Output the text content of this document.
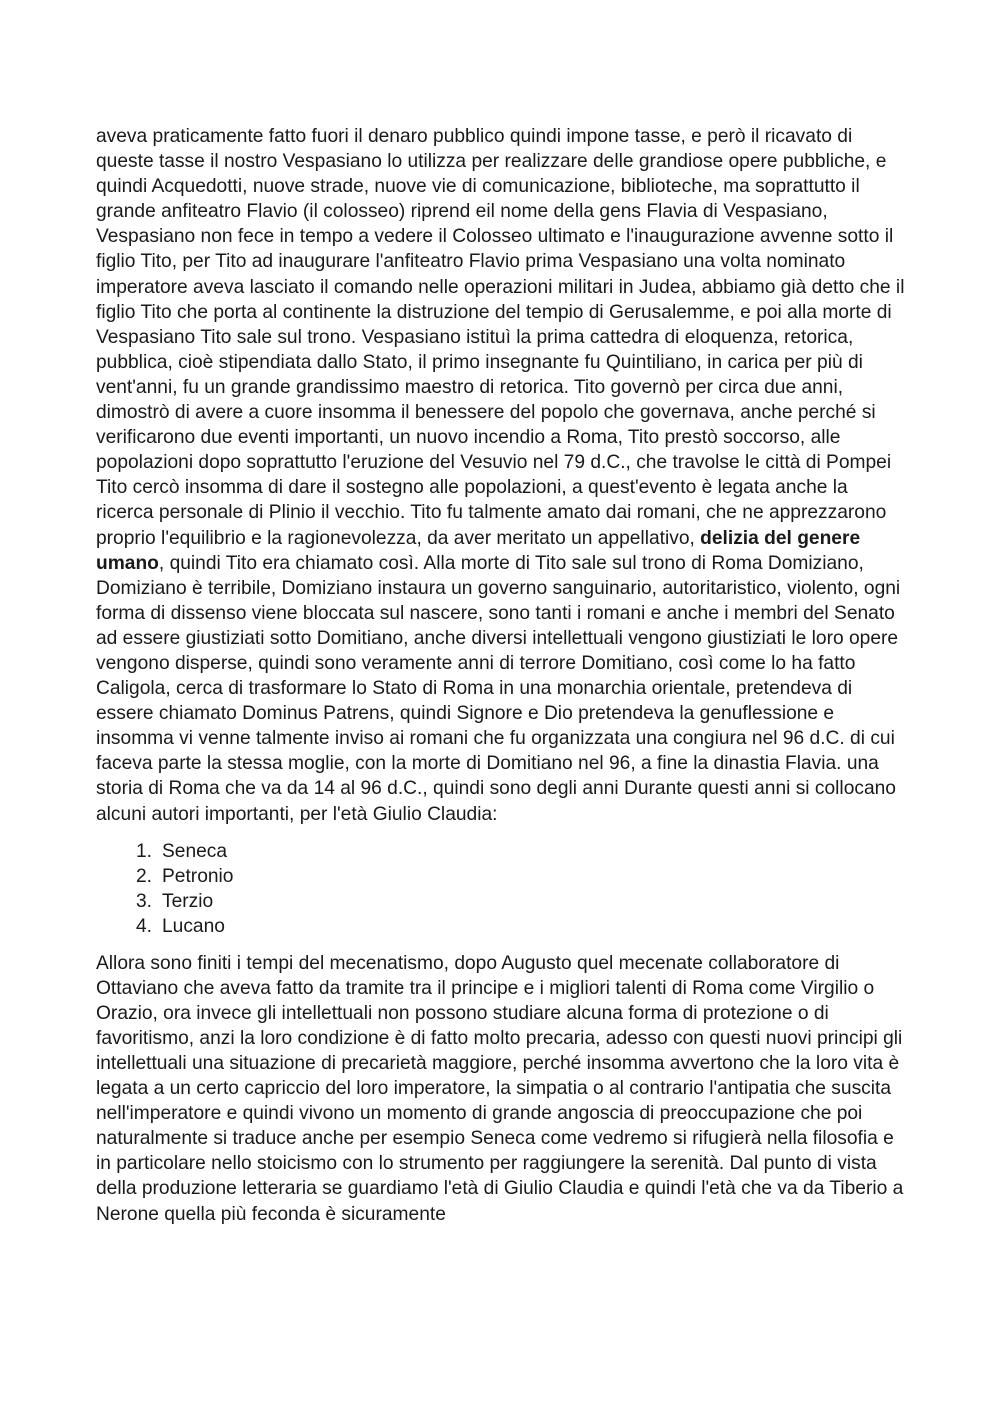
aveva praticamente fatto fuori il denaro pubblico quindi impone tasse, e però il ricavato di queste tasse il nostro Vespasiano lo utilizza per realizzare delle grandiose opere pubbliche, e quindi Acquedotti, nuove strade, nuove vie di comunicazione, biblioteche, ma soprattutto il grande anfiteatro Flavio (il colosseo) riprend eil nome della gens Flavia di Vespasiano, Vespasiano non fece in tempo a vedere il Colosseo ultimato e l'inaugurazione avvenne sotto il figlio Tito, per Tito ad inaugurare l'anfiteatro Flavio prima Vespasiano una volta nominato imperatore aveva lasciato il comando nelle operazioni militari in Judea, abbiamo già detto che il figlio Tito che porta al continente la distruzione del tempio di Gerusalemme, e poi alla morte di Vespasiano Tito sale sul trono. Vespasiano istituì la prima cattedra di eloquenza, retorica, pubblica, cioè stipendiata dallo Stato, il primo insegnante fu Quintiliano, in carica per più di vent'anni, fu un grande grandissimo maestro di retorica. Tito governò per circa due anni, dimostrò di avere a cuore insomma il benessere del popolo che governava, anche perché si verificarono due eventi importanti, un nuovo incendio a Roma, Tito prestò soccorso, alle popolazioni dopo soprattutto l'eruzione del Vesuvio nel 79 d.C., che travolse le città di Pompei Tito cercò insomma di dare il sostegno alle popolazioni, a quest'evento è legata anche la ricerca personale di Plinio il vecchio. Tito fu talmente amato dai romani, che ne apprezzarono proprio l'equilibrio e la ragionevolezza, da aver meritato un appellativo, delizia del genere umano, quindi Tito era chiamato così. Alla morte di Tito sale sul trono di Roma Domiziano, Domiziano è terribile, Domiziano instaura un governo sanguinario, autoritaristico, violento, ogni forma di dissenso viene bloccata sul nascere, sono tanti i romani e anche i membri del Senato ad essere giustiziati sotto Domitiano, anche diversi intellettuali vengono giustiziati le loro opere vengono disperse, quindi sono veramente anni di terrore Domitiano, così come lo ha fatto Caligola, cerca di trasformare lo Stato di Roma in una monarchia orientale, pretendeva di essere chiamato Dominus Patrens, quindi Signore e Dio pretendeva la genuflessione e insomma vi venne talmente inviso ai romani che fu organizzata una congiura nel 96 d.C. di cui faceva parte la stessa moglie, con la morte di Domitiano nel 96, a fine la dinastia Flavia. una storia di Roma che va da 14 al 96 d.C., quindi sono degli anni Durante questi anni si collocano alcuni autori importanti, per l'età Giulio Claudia:

1. Seneca
2. Petronio
3. Terzio
4. Lucano

Allora sono finiti i tempi del mecenatismo, dopo Augusto quel mecenate collaboratore di Ottaviano che aveva fatto da tramite tra il principe e i migliori talenti di Roma come Virgilio o Orazio, ora invece gli intellettuali non possono studiare alcuna forma di protezione o di favoritismo, anzi la loro condizione è di fatto molto precaria, adesso con questi nuovi principi gli intellettuali una situazione di precarietà maggiore, perché insomma avvertono che la loro vita è legata a un certo capriccio del loro imperatore, la simpatia o al contrario l'antipatia che suscita nell'imperatore e quindi vivono un momento di grande angoscia di preoccupazione che poi naturalmente si traduce anche per esempio Seneca come vedremo si rifugierà nella filosofia e in particolare nello stoicismo con lo strumento per raggiungere la serenità. Dal punto di vista della produzione letteraria se guardiamo l'età di Giulio Claudia e quindi l'età che va da Tiberio a Nerone quella più feconda è sicuramente
